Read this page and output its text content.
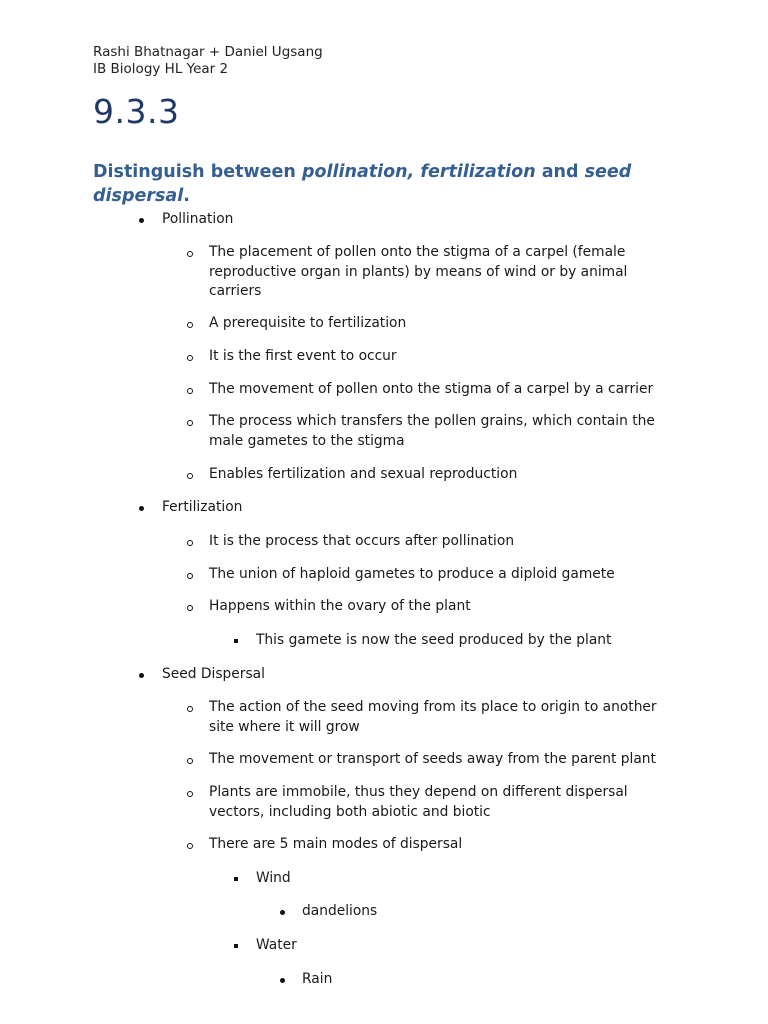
Rashi Bhatnagar + Daniel Ugsang
IB Biology HL Year 2
9.3.3
Distinguish between pollination, fertilization and seed dispersal.
Pollination
The placement of pollen onto the stigma of a carpel (female reproductive organ in plants) by means of wind or by animal carriers
A prerequisite to fertilization
It is the first event to occur
The movement of pollen onto the stigma of a carpel by a carrier
The process which transfers the pollen grains, which contain the male gametes to the stigma
Enables fertilization and sexual reproduction
Fertilization
It is the process that occurs after pollination
The union of haploid gametes to produce a diploid gamete
Happens within the ovary of the plant
This gamete is now the seed produced by the plant
Seed Dispersal
The action of the seed moving from its place to origin to another site where it will grow
The movement or transport of seeds away from the parent plant
Plants are immobile, thus they depend on different dispersal vectors, including both abiotic and biotic
There are 5 main modes of dispersal
Wind
dandelions
Water
Rain
